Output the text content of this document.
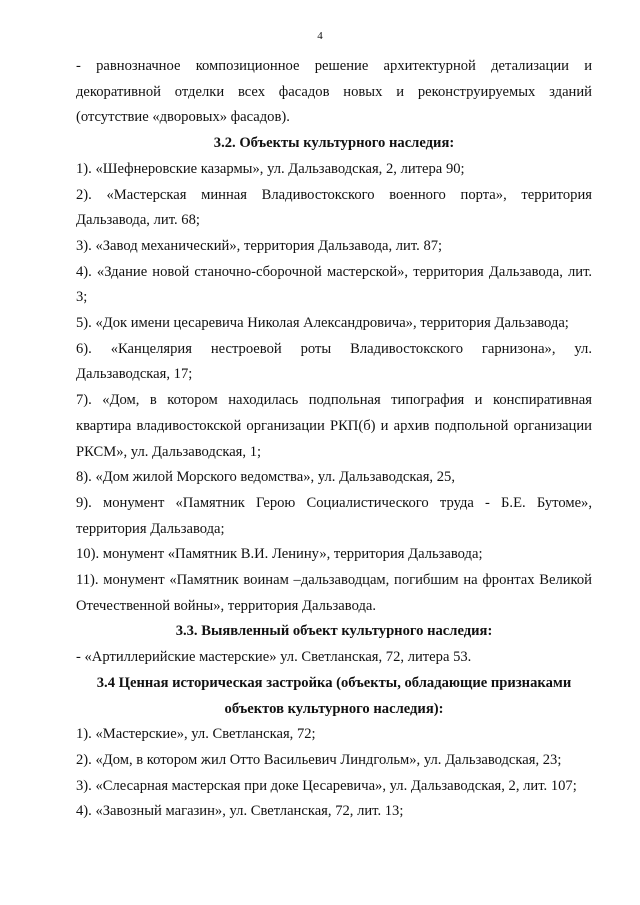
4

- равнозначное композиционное решение архитектурной детализации и декоративной отделки всех фасадов новых и реконструируемых зданий (отсутствие «дворовых» фасадов).

3.2. Объекты культурного наследия:

1). «Шефнеровские казармы», ул. Дальзаводская, 2, литера 90;

2). «Мастерская минная Владивостокского военного порта», территория Дальзавода, лит. 68;

3). «Завод механический», территория Дальзавода, лит. 87;

4). «Здание новой станочно-сборочной мастерской», территория Дальзавода, лит. 3;

5). «Док имени цесаревича Николая Александровича», территория Дальзавода;

6). «Канцелярия нестроевой роты Владивостокского гарнизона», ул. Дальзаводская, 17;

7). «Дом, в котором находилась подпольная типография и конспиративная квартира владивостокской организации РКП(б) и архив подпольной организации РКСМ», ул. Дальзаводская, 1;

8). «Дом жилой Морского ведомства», ул. Дальзаводская, 25,

9). монумент «Памятник Герою Социалистического труда - Б.Е. Бутоме», территория Дальзавода;

10). монумент «Памятник В.И. Ленину», территория Дальзавода;

11). монумент «Памятник воинам –дальзаводцам, погибшим на фронтах Великой Отечественной войны», территория Дальзавода.

3.3. Выявленный объект культурного наследия:

- «Артиллерийские мастерские» ул. Светланская, 72, литера 53.

3.4 Ценная историческая застройка (объекты, обладающие признаками объектов культурного наследия):

1). «Мастерские», ул. Светланская, 72;

2). «Дом, в котором жил Отто Васильевич Линдгольм», ул. Дальзаводская, 23;

3). «Слесарная мастерская при доке Цесаревича», ул. Дальзаводская, 2, лит. 107;

4). «Завозный магазин», ул. Светланская, 72, лит. 13;
